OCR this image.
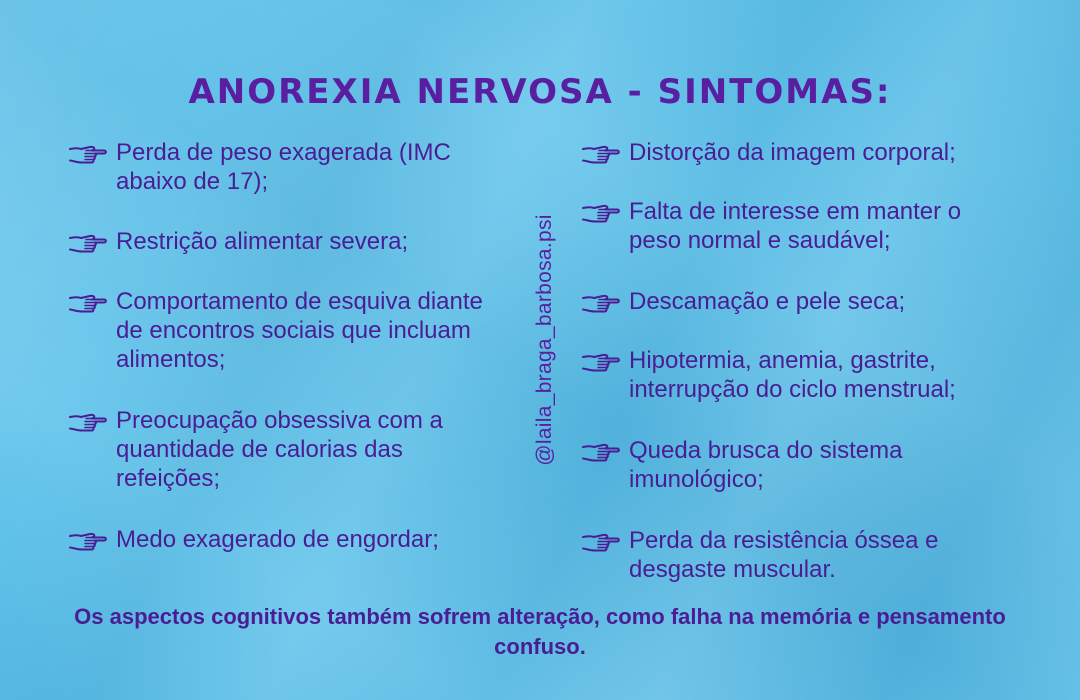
ANOREXIA NERVOSA - SINTOMAS:
Perda de peso exagerada (IMC abaixo de 17);
Restrição alimentar severa;
Comportamento de esquiva diante de encontros sociais que incluam alimentos;
Preocupação obsessiva com a quantidade de calorias das refeições;
Medo exagerado de engordar;
@laila_braga_barbosa.psi
Distorção da imagem corporal;
Falta de interesse em manter o peso normal e saudável;
Descamação e pele seca;
Hipotermia, anemia, gastrite, interrupção do ciclo menstrual;
Queda brusca do sistema imunológico;
Perda da resistência óssea e desgaste muscular.

Os aspectos cognitivos também sofrem alteração, como falha na memória e pensamento confuso.
